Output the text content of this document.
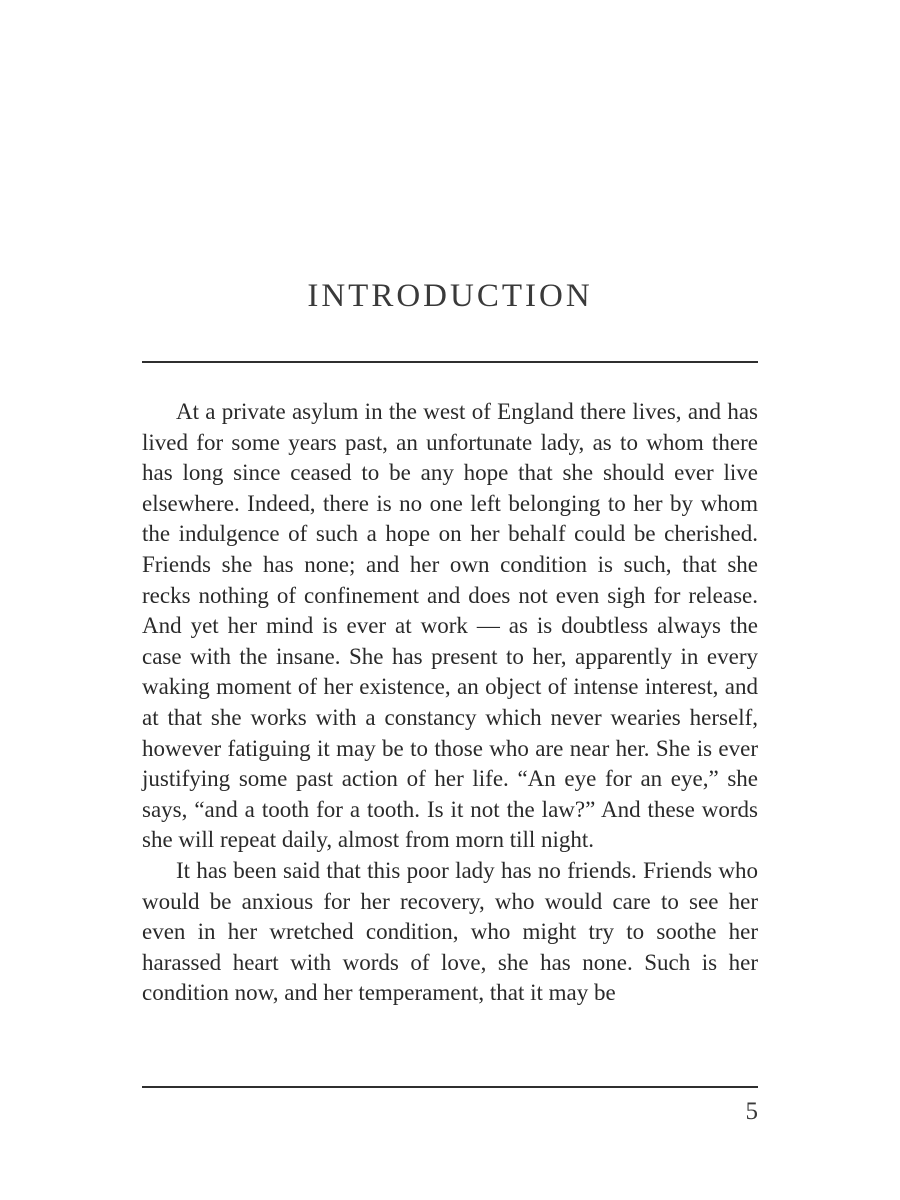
INTRODUCTION

At a private asylum in the west of England there lives, and has lived for some years past, an unfortunate lady, as to whom there has long since ceased to be any hope that she should ever live elsewhere. Indeed, there is no one left belonging to her by whom the indulgence of such a hope on her behalf could be cherished. Friends she has none; and her own condition is such, that she recks nothing of confinement and does not even sigh for release. And yet her mind is ever at work — as is doubtless always the case with the insane. She has present to her, apparently in every waking moment of her existence, an object of intense interest, and at that she works with a constancy which never wearies herself, however fatiguing it may be to those who are near her. She is ever justifying some past action of her life. “An eye for an eye,” she says, “and a tooth for a tooth. Is it not the law?” And these words she will repeat daily, almost from morn till night.

It has been said that this poor lady has no friends. Friends who would be anxious for her recovery, who would care to see her even in her wretched condition, who might try to soothe her harassed heart with words of love, she has none. Such is her condition now, and her temperament, that it may be

5
